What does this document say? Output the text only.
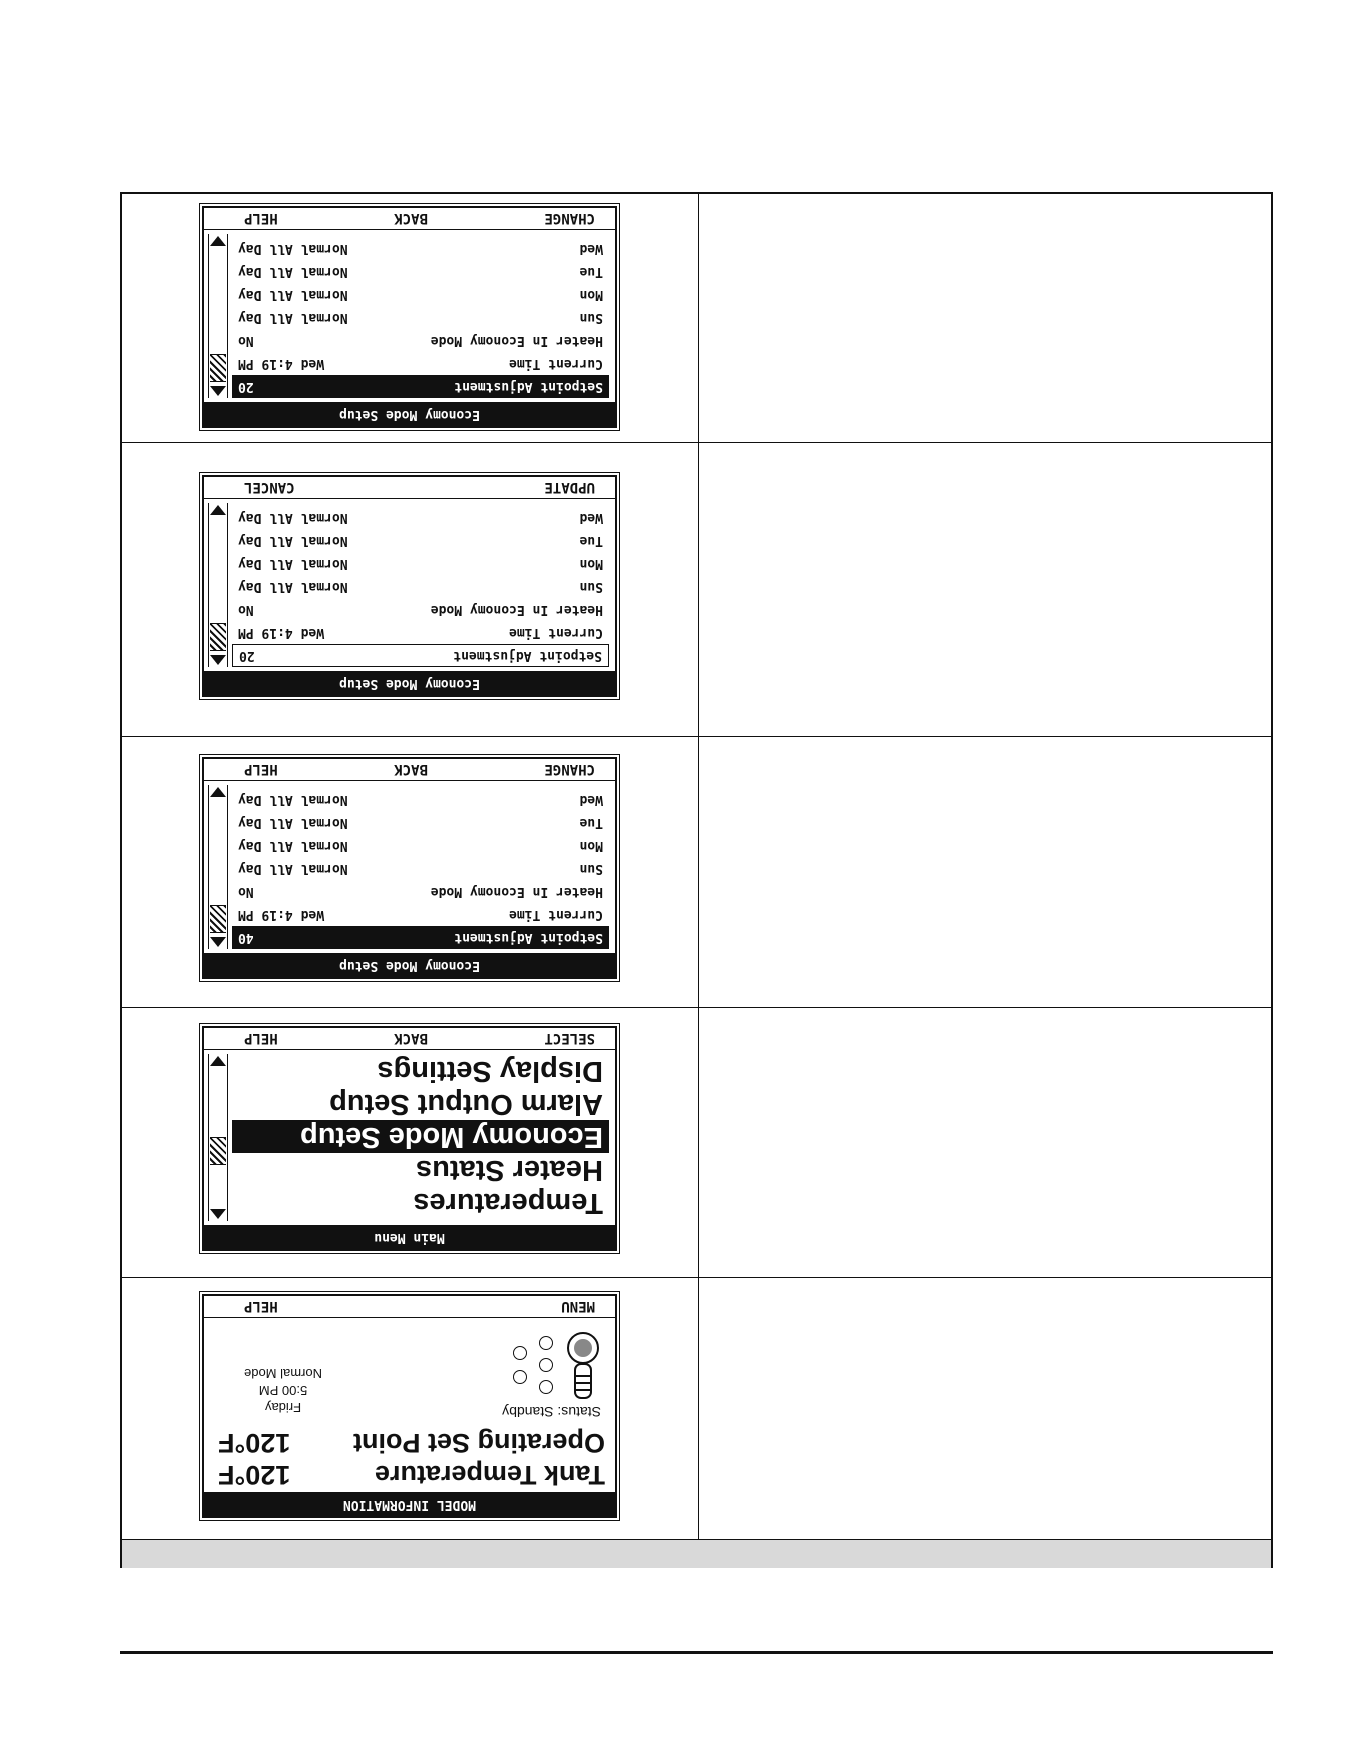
Economy Mode Setup
Setpoint Adjustment
20
Current Time
Wed 4:19 PM
Heater In Economy Mode
No
Sun
Normal All Day
Mon
Normal All Day
Tue
Normal All Day
Wed
Normal All Day
CHANGE
BACK
HELP
Economy Mode Setup
Setpoint Adjustment
20
Current Time
Wed 4:19 PM
Heater In Economy Mode
No
Sun
Normal All Day
Mon
Normal All Day
Tue
Normal All Day
Wed
Normal All Day
UPDATE
CANCEL
Economy Mode Setup
Setpoint Adjustment
40
Current Time
Wed 4:19 PM
Heater In Economy Mode
No
Sun
Normal All Day
Mon
Normal All Day
Tue
Normal All Day
Wed
Normal All Day
CHANGE
BACK
HELP
Main Menu
Temperatures
Heater Status
Economy Mode Setup
Alarm Output Setup
Display Settings
SELECT
BACK
HELP
MODEL INFORMATION
Tank Temperature
120°F
Operating Set Point
120°F
Status: Standby
Friday
5:00 PM
Normal Mode
MENU
HELP
